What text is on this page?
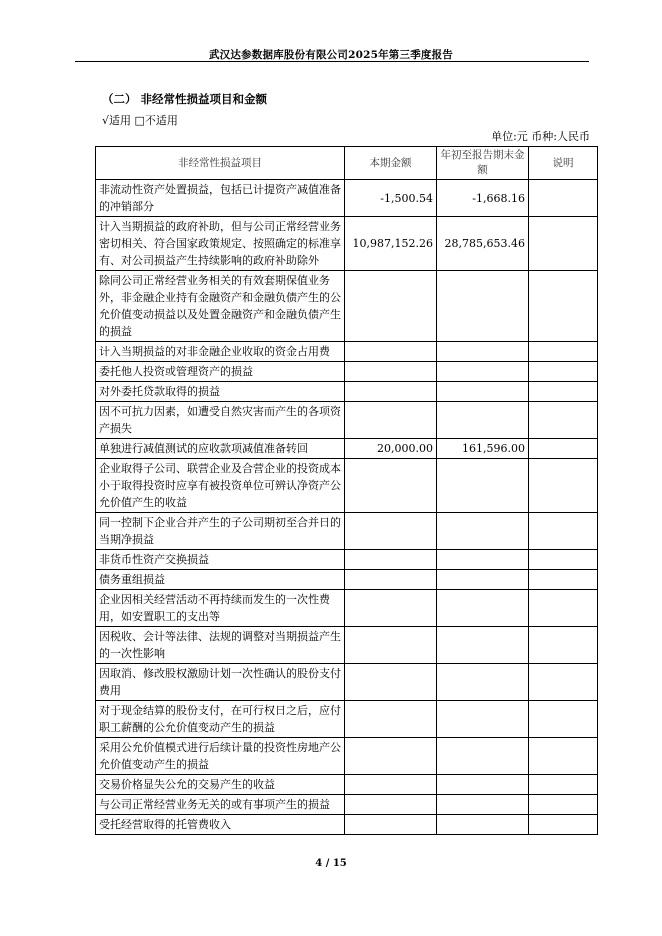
武汉达参数据库股份有限公司2025年第三季度报告
（二） 非经常性损益项目和金额
√适用 □不适用
单位:元 币种:人民币
非经常性损益项目	本期金额	年初至报告期末金额	说明
非流动性资产处置损益，包括已计提资产减值准备的冲销部分	-1,500.54	-1,668.16	
计入当期损益的政府补助，但与公司正常经营业务密切相关、符合国家政策规定、按照确定的标准享有、对公司损益产生持续影响的政府补助除外	10,987,152.26	28,785,653.46	
除同公司正常经营业务相关的有效套期保值业务外，非金融企业持有金融资产和金融负债产生的公允价值变动损益以及处置金融资产和金融负债产生的损益			
计入当期损益的对非金融企业收取的资金占用费			
委托他人投资或管理资产的损益			
对外委托贷款取得的损益			
因不可抗力因素，如遭受自然灾害而产生的各项资产损失			
单独进行减值测试的应收款项减值准备转回	20,000.00	161,596.00	
企业取得子公司、联营企业及合营企业的投资成本小于取得投资时应享有被投资单位可辨认净资产公允价值产生的收益			
同一控制下企业合并产生的子公司期初至合并日的当期净损益			
非货币性资产交换损益			
债务重组损益			
企业因相关经营活动不再持续而发生的一次性费用，如安置职工的支出等			
因税收、会计等法律、法规的调整对当期损益产生的一次性影响			
因取消、修改股权激励计划一次性确认的股份支付费用			
对于现金结算的股份支付，在可行权日之后，应付职工薪酬的公允价值变动产生的损益			
采用公允价值模式进行后续计量的投资性房地产公允价值变动产生的损益			
交易价格显失公允的交易产生的收益			
与公司正常经营业务无关的或有事项产生的损益			
受托经营取得的托管费收入			
4 / 15
